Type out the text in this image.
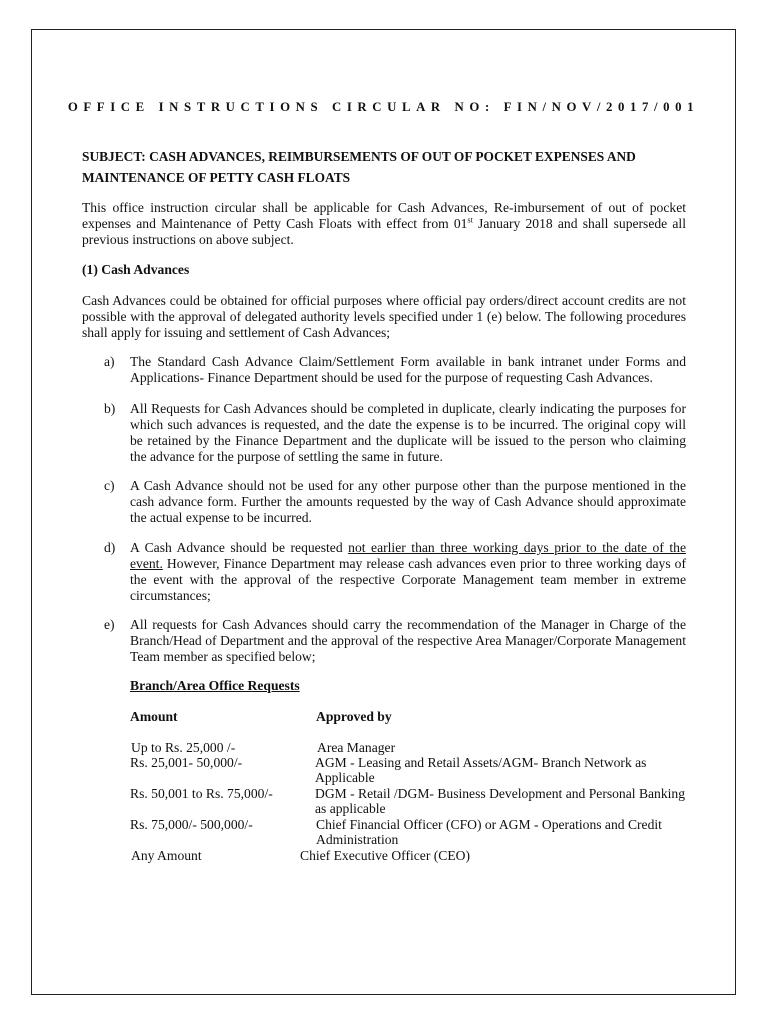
OFFICE INSTRUCTIONS CIRCULAR NO: FIN/NOV/2017/001
SUBJECT: CASH ADVANCES, REIMBURSEMENTS OF OUT OF POCKET EXPENSES AND MAINTENANCE OF PETTY CASH FLOATS

This office instruction circular shall be applicable for Cash Advances, Re-imbursement of out of pocket expenses and Maintenance of Petty Cash Floats with effect from 01st January 2018 and shall supersede all previous instructions on above subject.

(1) Cash Advances

Cash Advances could be obtained for official purposes where official pay orders/direct account credits are not possible with the approval of delegated authority levels specified under 1 (e) below. The following procedures shall apply for issuing and settlement of Cash Advances;

a) The Standard Cash Advance Claim/Settlement Form available in bank intranet under Forms and Applications- Finance Department should be used for the purpose of requesting Cash Advances.
b) All Requests for Cash Advances should be completed in duplicate, clearly indicating the purposes for which such advances is requested, and the date the expense is to be incurred. The original copy will be retained by the Finance Department and the duplicate will be issued to the person who claiming the advance for the purpose of settling the same in future.
c) A Cash Advance should not be used for any other purpose other than the purpose mentioned in the cash advance form. Further the amounts requested by the way of Cash Advance should approximate the actual expense to be incurred.
d) A Cash Advance should be requested not earlier than three working days prior to the date of the event. However, Finance Department may release cash advances even prior to three working days of the event with the approval of the respective Corporate Management team member in extreme circumstances;
e) All requests for Cash Advances should carry the recommendation of the Manager in Charge of the Branch/Head of Department and the approval of the respective Area Manager/Corporate Management Team member as specified below;
Branch/Area Office Requests
Amount	Approved by
Up to Rs. 25,000 /-	Area Manager
Rs. 25,001- 50,000/-	AGM - Leasing and Retail Assets/AGM- Branch Network as Applicable
Rs. 50,001 to Rs. 75,000/-	DGM - Retail /DGM- Business Development and Personal Banking as applicable
Rs. 75,000/- 500,000/-	Chief Financial Officer (CFO) or AGM - Operations and Credit Administration
Any Amount	Chief Executive Officer (CEO)
